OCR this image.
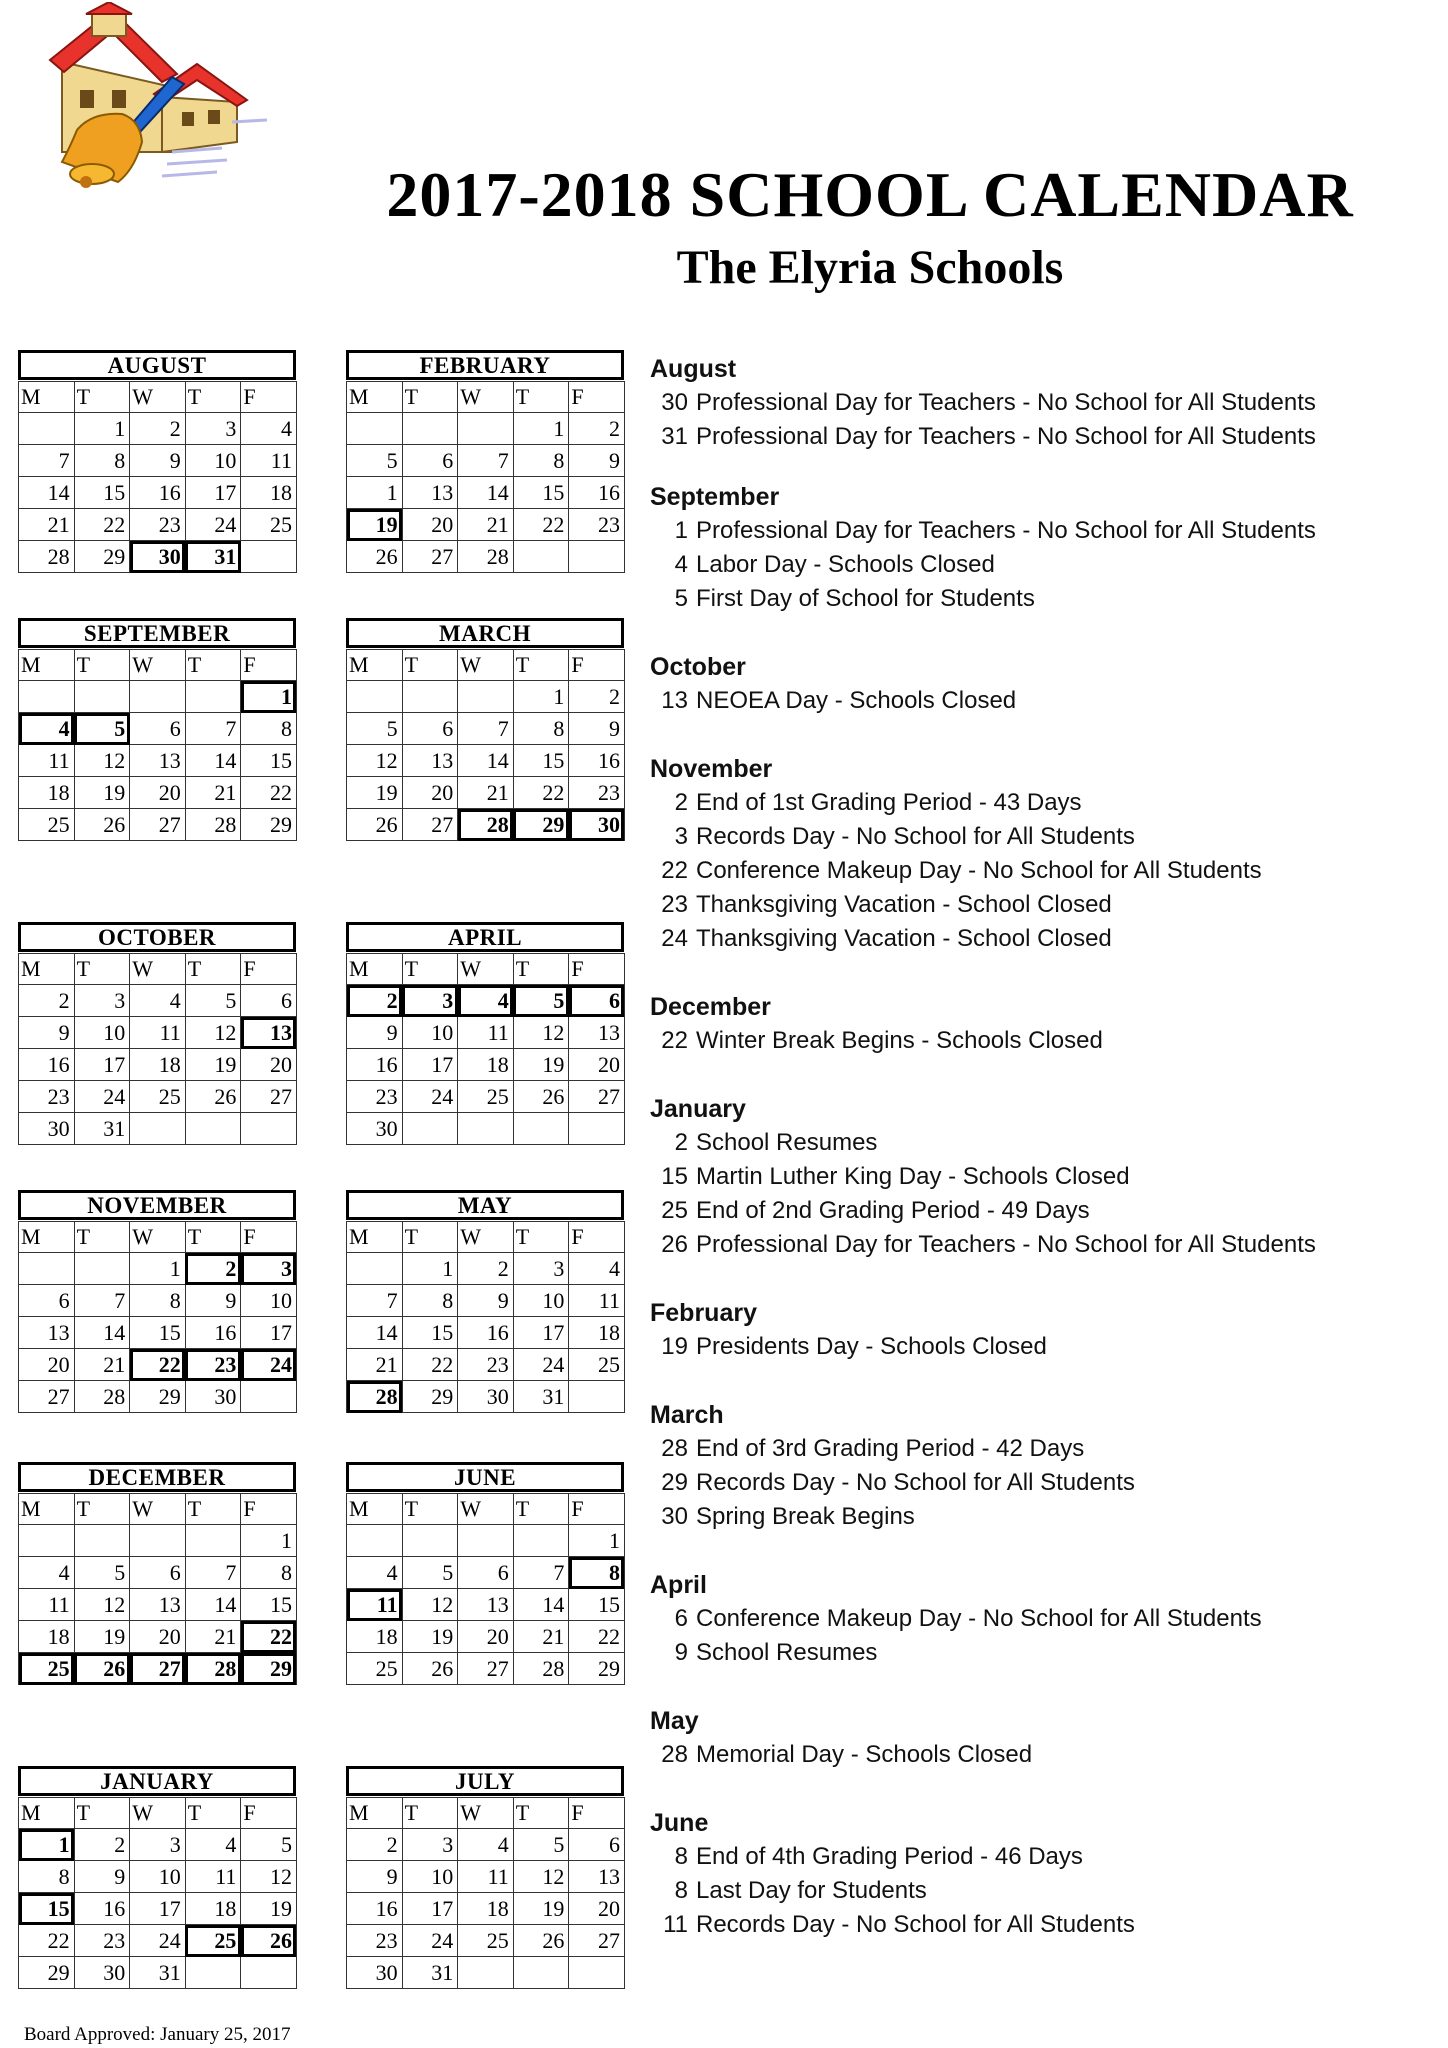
2017-2018 SCHOOL CALENDAR
The Elyria Schools
AUGUST
M	T	W	T	F
	1	2	3	4
7	8	9	10	11
14	15	16	17	18
21	22	23	24	25
28	29	30	31	
FEBRUARY
M	T	W	T	F
			1	2
5	6	7	8	9
1	13	14	15	16
19	20	21	22	23
26	27	28		
SEPTEMBER
M	T	W	T	F
				1
4	5	6	7	8
11	12	13	14	15
18	19	20	21	22
25	26	27	28	29
MARCH
M	T	W	T	F
			1	2
5	6	7	8	9
12	13	14	15	16
19	20	21	22	23
26	27	28	29	30
OCTOBER
M	T	W	T	F
2	3	4	5	6
9	10	11	12	13
16	17	18	19	20
23	24	25	26	27
30	31			
APRIL
M	T	W	T	F
2	3	4	5	6
9	10	11	12	13
16	17	18	19	20
23	24	25	26	27
30				
NOVEMBER
M	T	W	T	F
		1	2	3
6	7	8	9	10
13	14	15	16	17
20	21	22	23	24
27	28	29	30	
MAY
M	T	W	T	F
	1	2	3	4
7	8	9	10	11
14	15	16	17	18
21	22	23	24	25
28	29	30	31	
DECEMBER
M	T	W	T	F
				1
4	5	6	7	8
11	12	13	14	15
18	19	20	21	22
25	26	27	28	29
JUNE
M	T	W	T	F
				1
4	5	6	7	8
11	12	13	14	15
18	19	20	21	22
25	26	27	28	29
JANUARY
M	T	W	T	F
1	2	3	4	5
8	9	10	11	12
15	16	17	18	19
22	23	24	25	26
29	30	31		
JULY
M	T	W	T	F
2	3	4	5	6
9	10	11	12	13
16	17	18	19	20
23	24	25	26	27
30	31			
August
30 Professional Day for Teachers - No School for All Students
31 Professional Day for Teachers - No School for All Students
September
1 Professional Day for Teachers - No School for All Students
4 Labor Day - Schools Closed
5 First Day of School for Students
October
13 NEOEA Day - Schools Closed
November
2 End of 1st Grading Period - 43 Days
3 Records Day - No School for All Students
22 Conference Makeup Day - No School for All Students
23 Thanksgiving Vacation - School Closed
24 Thanksgiving Vacation - School Closed
December
22 Winter Break Begins - Schools Closed
January
2 School Resumes
15 Martin Luther King Day - Schools Closed
25 End of 2nd Grading Period - 49 Days
26 Professional Day for Teachers - No School for All Students
February
19 Presidents Day - Schools Closed
March
28 End of 3rd Grading Period - 42 Days
29 Records Day - No School for All Students
30 Spring Break Begins
April
6 Conference Makeup Day - No School for All Students
9 School Resumes
May
28 Memorial Day - Schools Closed
June
8 End of 4th Grading Period - 46 Days
8 Last Day for Students
11 Records Day - No School for All Students
Board Approved: January 25, 2017
